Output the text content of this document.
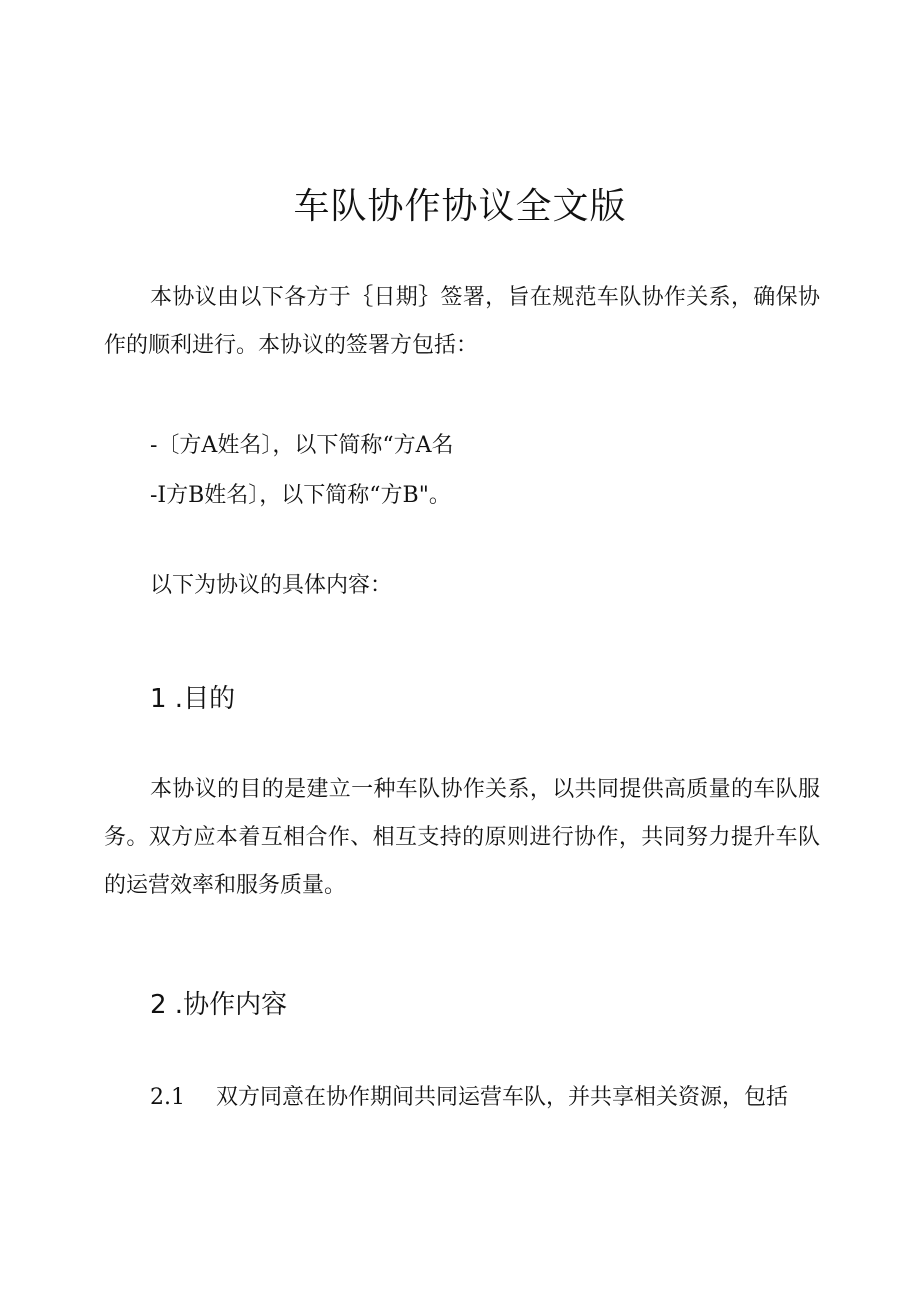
车队协作协议全文版
本协议由以下各方于｛日期｝签署，旨在规范车队协作关系，确保协作的顺利进行。本协议的签署方包括：
-〔方A姓名〕，以下简称“方A名
-I方B姓名〕，以下简称“方B"。
以下为协议的具体内容：
1 .目的
本协议的目的是建立一种车队协作关系，以共同提供高质量的车队服务。双方应本着互相合作、相互支持的原则进行协作，共同努力提升车队的运营效率和服务质量。
2 .协作内容
2.1 双方同意在协作期间共同运营车队，并共享相关资源，包括
